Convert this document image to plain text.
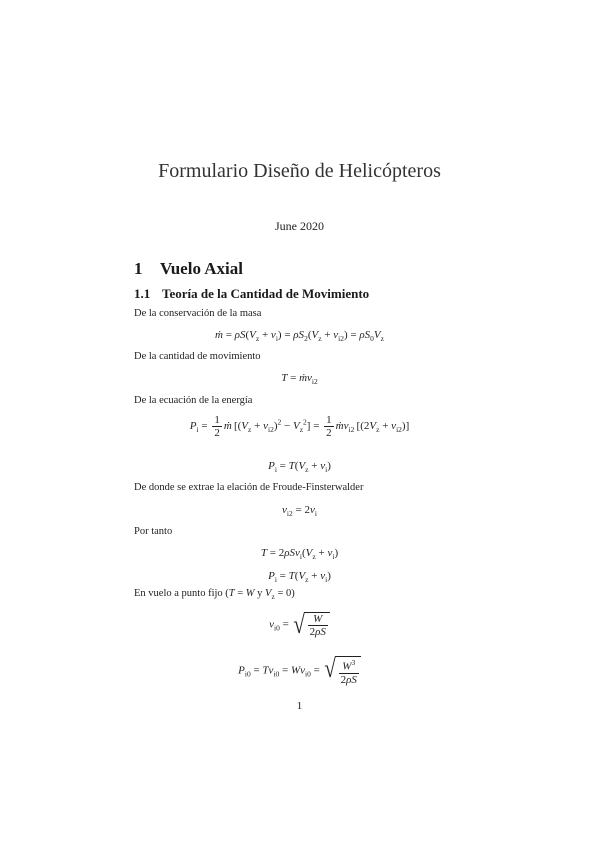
Formulario Diseño de Helicópteros
June 2020
1 Vuelo Axial
1.1 Teoría de la Cantidad de Movimiento
De la conservación de la masa
ṁ = $\rho S(V_z + v_i) = \rho S_2(V_z + v_{i2}) = \rho S_0V_z$
De la cantidad de movimiento
T = ṁv$_{i2}$
De la ecuación de la energía
$P_i = \frac{1}{2}$ ṁ $[(V_z + v_{i2})^2 - V_z^2] = \frac{1}{2}$ ṁv$_{i2}$ $[(2V_z + v_{i2})]$
$P_i = T(V_z + v_i)$
De donde se extrae la elación de Froude-Finsterwalder
$v_{i2} = 2v_i$
Por tanto
$T = 2\rho Sv_i(V_z + v_i)$
$P_i = T(V_z + v_i)$
En vuelo a punto fijo (T = W y $V_z = 0$)
$v_{i0}$ = √ $\frac{W}{2\rho S}$
$P_{i0} = Tv_{i0} = Wv_{i0}$ = √ $\frac{W^3}{2\rho S}$
1
